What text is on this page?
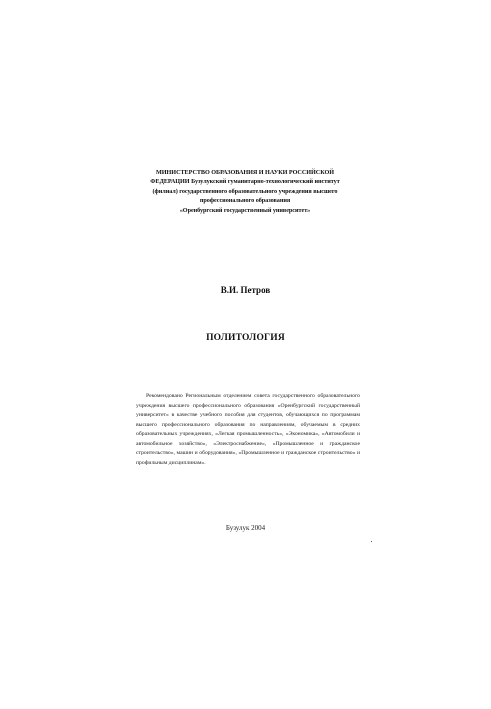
МИНИСТЕРСТВО ОБРАЗОВАНИЯ И НАУКИ РОССИЙСКОЙ
ФЕДЕРАЦИИ Бузулукский гуманитарно-технологический институт
(филиал) государственного образовательного учреждения высшего
профессионального образования
«Оренбургский государственный университет»
В.И. Петров
ПОЛИТОЛОГИЯ
Рекомендовано Региональным отделением совета государственного образовательного учреждения высшего профессионального образования «Оренбургский государственный университет» в качестве учебного пособия для студентов, обучающихся по программам высшего профессионального образования по направлениям, обучаемым в средних образовательных учреждениях, «Легкая промышленность», «Экономика», «Автомобили и автомобильное хозяйство», «Электроснабжение», «Промышленное и гражданское строительство», машин и оборудования», «Промышленное и гражданское строительство» и профильным дисциплинам».
Бузулук 2004
